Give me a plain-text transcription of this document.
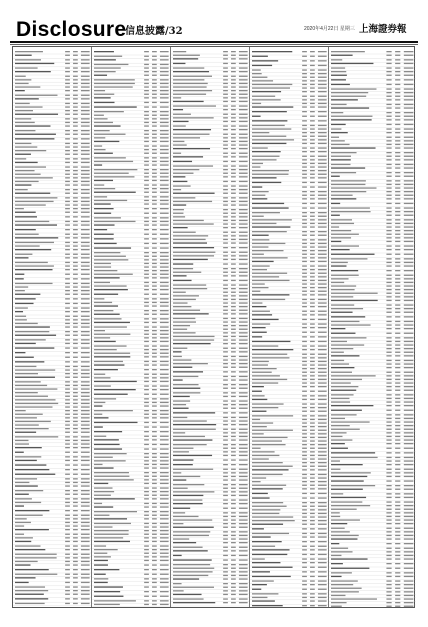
Disclosure
信息披露/32	2020年4月22日 星期三 上海證券報
